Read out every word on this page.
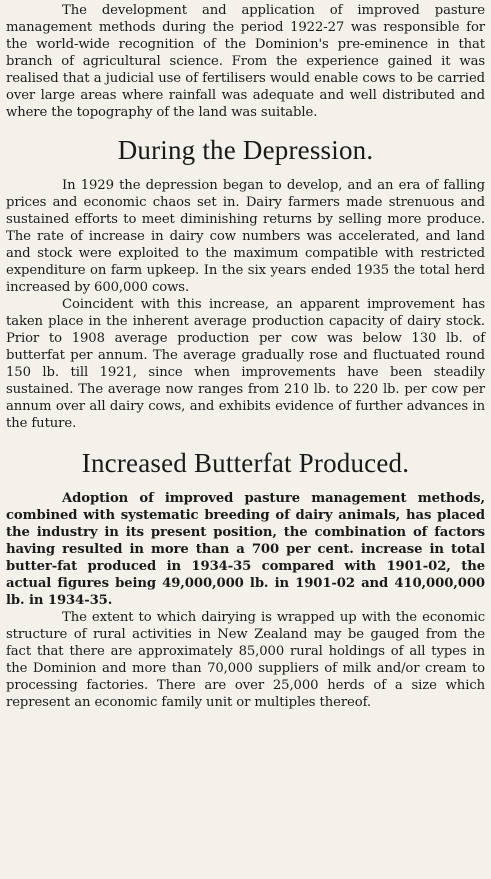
The development and application of improved pasture management methods during the period 1922-27 was responsible for the world-wide recognition of the Dominion's pre-eminence in that branch of agricultural science. From the experience gained it was realised that a judicial use of fertilisers would enable cows to be carried over large areas where rainfall was adequate and well distributed and where the topography of the land was suitable.

During the Depression.

In 1929 the depression began to develop, and an era of falling prices and economic chaos set in. Dairy farmers made strenuous and sustained efforts to meet diminishing returns by selling more produce. The rate of increase in dairy cow numbers was accelerated, and land and stock were exploited to the maximum compatible with restricted expenditure on farm upkeep. In the six years ended 1935 the total herd increased by 600,000 cows.

Coincident with this increase, an apparent improvement has taken place in the inherent average production capacity of dairy stock. Prior to 1908 average production per cow was below 130 lb. of butterfat per annum. The average gradually rose and fluctuated round 150 lb. till 1921, since when improvements have been steadily sustained. The average now ranges from 210 lb. to 220 lb. per cow per annum over all dairy cows, and exhibits evidence of further advances in the future.

Increased Butterfat Produced.

Adoption of improved pasture management methods, combined with systematic breeding of dairy animals, has placed the industry in its present position, the combination of factors having resulted in more than a 700 per cent. increase in total butter-fat produced in 1934-35 compared with 1901-02, the actual figures being 49,000,000 lb. in 1901-02 and 410,000,000 lb. in 1934-35.

The extent to which dairying is wrapped up with the economic structure of rural activities in New Zealand may be gauged from the fact that there are approximately 85,000 rural holdings of all types in the Dominion and more than 70,000 suppliers of milk and/or cream to processing factories. There are over 25,000 herds of a size which represent an economic family unit or multiples thereof.
